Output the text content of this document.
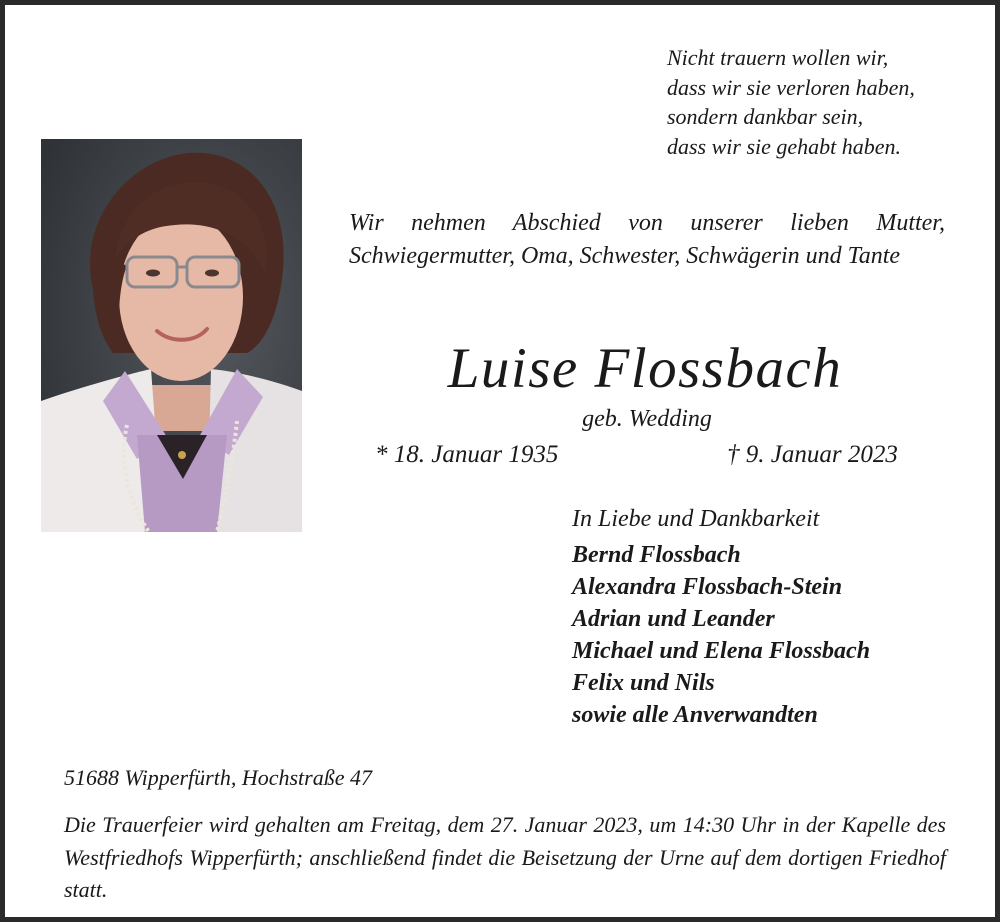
Nicht trauern wollen wir,
dass wir sie verloren haben,
sondern dankbar sein,
dass wir sie gehabt haben.
Wir nehmen Abschied von unserer lieben Mutter, Schwiegermutter, Oma, Schwester, Schwägerin und Tante
Luise Flossbach
geb. Wedding
* 18. Januar 1935	† 9. Januar 2023
In Liebe und Dankbarkeit
Bernd Flossbach
Alexandra Flossbach-Stein
Adrian und Leander
Michael und Elena Flossbach
Felix und Nils
sowie alle Anverwandten
51688 Wipperfürth, Hochstraße 47
Die Trauerfeier wird gehalten am Freitag, dem 27. Januar 2023, um 14:30 Uhr in der Kapelle des Westfriedhofs Wipperfürth; anschließend findet die Beisetzung der Urne auf dem dortigen Friedhof statt.
